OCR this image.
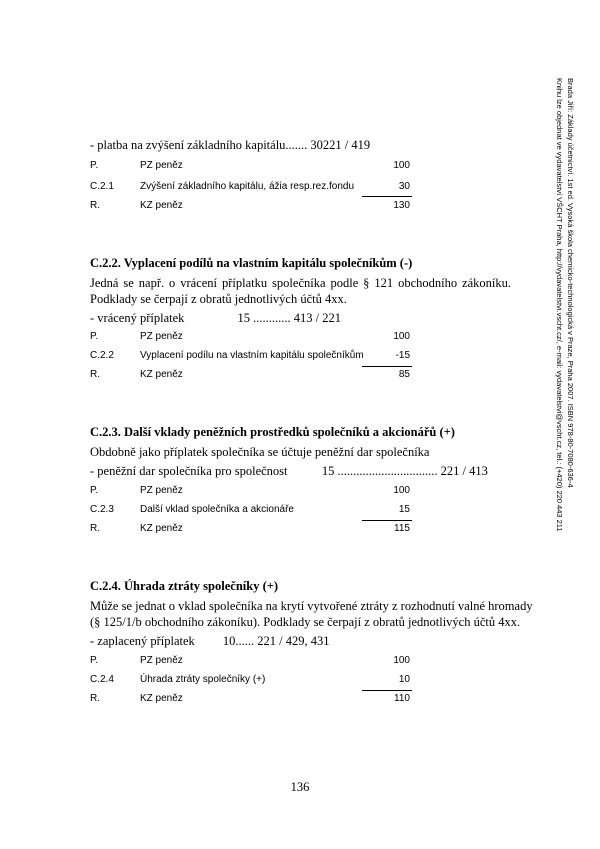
Brada Jiří: Základy účetnictví. 1st ed. Vysoká škola chemicko-technologická v Praze, Praha 2007. ISBN 978-80-7080-636-4
Knihu lze objednat ve vydavatelství VŠCHT Praha, http://vydavatelstvi.vscht.cz/, e-mail: vydavatelstvi@vscht.cz, tel.: (+420) 220 443 211
- platba na zvýšení základního kapitálu....... 30221 / 419
P.	PZ peněz	100
C.2.1	Zvýšení základního kapitálu, ážia resp.rez.fondu	30
R.	KZ peněz	130
C.2.2. Vyplacení podílů na vlastním kapitálu společníkům (-)
Jedná se např. o vrácení příplatku společníka podle § 121 obchodního zákoníku.
Podklady se čerpají z obratů jednotlivých účtů 4xx.
- vrácený příplatek                 15 ............ 413 / 221
P.	PZ peněz	100
C.2.2	Vyplacení podílu na vlastním kapitálu společníkům	-15
R.	KZ peněz	85
C.2.3. Další vklady peněžních prostředků společníků a akcionářů (+)
Obdobně jako příplatek společníka se účtuje peněžní dar společníka
- peněžní dar společníka pro společnost           15 ................................ 221 / 413
P.	PZ peněz	100
C.2.3	Další vklad společníka a akcionáře	15
R.	KZ peněz	115
C.2.4. Úhrada ztráty společníky (+)
Může se jednat o vklad společníka na krytí vytvořené ztráty z rozhodnutí valné hromady
(§ 125/1/b obchodního zákoníku). Podklady se čerpají z obratů jednotlivých účtů 4xx.
- zaplacený příplatek         10...... 221 / 429, 431
P.	PZ peněz	100
C.2.4	Úhrada ztráty společníky (+)	10
R.	KZ peněz	110
136
